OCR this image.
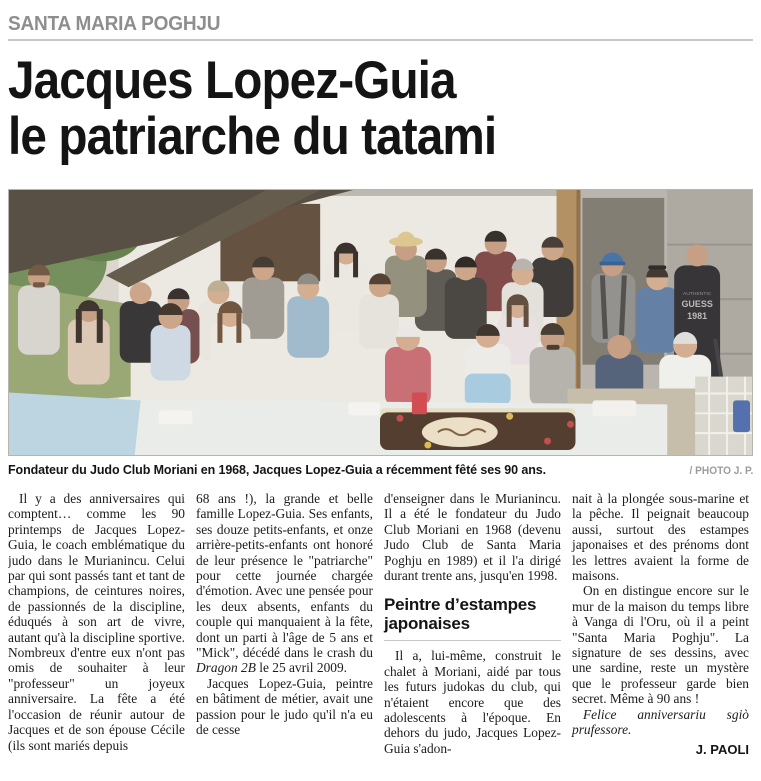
SANTA MARIA POGHJU
Jacques Lopez-Guia
le patriarche du tatami
AUTHENTIC
GUESS
1981
Fondateur du Judo Club Moriani en 1968, Jacques Lopez-Guia a récemment fêté ses 90 ans.	/ PHOTO J. P.

Il y a des anniversaires qui comptent… comme les 90 printemps de Jacques Lopez-Guia, le coach emblématique du judo dans le Murianincu. Celui par qui sont passés tant et tant de champions, de ceintures noires, de passionnés de la discipline, éduqués à son art de vivre, autant qu'à la discipline sportive. Nombreux d'entre eux n'ont pas omis de souhaiter à leur "professeur" un joyeux anniversaire. La fête a été l'occasion de réunir autour de Jacques et de son épouse Cécile (ils sont mariés depuis

68 ans !), la grande et belle famille Lopez-Guia. Ses enfants, ses douze petits-enfants, et onze arrière-petits-enfants ont honoré de leur présence le "patriarche" pour cette journée chargée d'émotion. Avec une pensée pour les deux absents, enfants du couple qui manquaient à la fête, dont un parti à l'âge de 5 ans et "Mick", décédé dans le crash du Dragon 2B le 25 avril 2009.

Jacques Lopez-Guia, peintre en bâtiment de métier, avait une passion pour le judo qu'il n'a eu de cesse

d'enseigner dans le Murianincu. Il a été le fondateur du Judo Club Moriani en 1968 (devenu Judo Club de Santa Maria Poghju en 1989) et il l'a dirigé durant trente ans, jusqu'en 1998.

Peintre d’estampes japonaises

Il a, lui-même, construit le chalet à Moriani, aidé par tous les futurs judokas du club, qui n'étaient encore que des adolescents à l'époque. En dehors du judo, Jacques Lopez-Guia s'adon-

nait à la plongée sous-marine et la pêche. Il peignait beaucoup aussi, surtout des estampes japonaises et des prénoms dont les lettres avaient la forme de maisons.

On en distingue encore sur le mur de la maison du temps libre à Vanga di l'Oru, où il a peint "Santa Maria Poghju". La signature de ses dessins, avec une sardine, reste un mystère que le professeur garde bien secret. Même à 90 ans !

Felice anniversariu sgiò prufessore.

J. PAOLI
